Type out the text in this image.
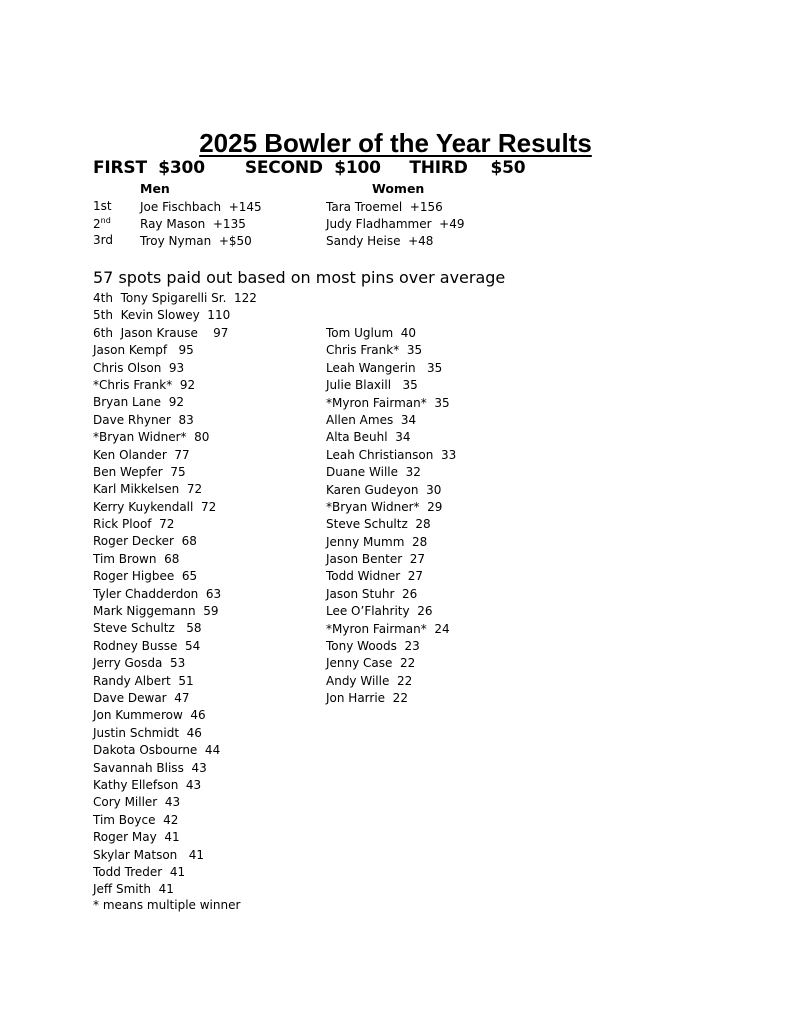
2025 Bowler of the Year Results
FIRST  $300       SECOND  $100     THIRD    $50
Men	Women
1st Joe Fischbach  +145	Tara Troemel  +156
2nd Ray Mason  +135	Judy Fladhammer  +49
3rd Troy Nyman  +$50	Sandy Heise  +48
57 spots paid out based on most pins over average
4th  Tony Spigarelli Sr.  122
5th  Kevin Slowey  110
6th  Jason Krause    97
Jason Kempf   95
Chris Olson  93
*Chris Frank*  92
Bryan Lane  92
Dave Rhyner  83
*Bryan Widner*  80
Ken Olander  77
Ben Wepfer  75
Karl Mikkelsen  72
Kerry Kuykendall  72
Rick Ploof  72
Roger Decker  68
Tim Brown  68
Roger Higbee  65
Tyler Chadderdon  63
Mark Niggemann  59
Steve Schultz   58
Rodney Busse  54
Jerry Gosda  53
Randy Albert  51
Dave Dewar  47
Jon Kummerow  46
Justin Schmidt  46
Dakota Osbourne  44
Savannah Bliss  43
Kathy Ellefson  43
Cory Miller  43
Tim Boyce  42
Roger May  41
Skylar Matson   41
Todd Treder  41
Jeff Smith  41
Tom Uglum  40
Chris Frank*  35
Leah Wangerin   35
Julie Blaxill   35
*Myron Fairman*  35
Allen Ames  34
Alta Beuhl  34
Leah Christianson  33
Duane Wille  32
Karen Gudeyon  30
*Bryan Widner*  29
Steve Schultz  28
Jenny Mumm  28
Jason Benter  27
Todd Widner  27
Jason Stuhr  26
Lee O’Flahrity  26
*Myron Fairman*  24
Tony Woods  23
Jenny Case  22
Andy Wille  22
Jon Harrie  22
* means multiple winner
